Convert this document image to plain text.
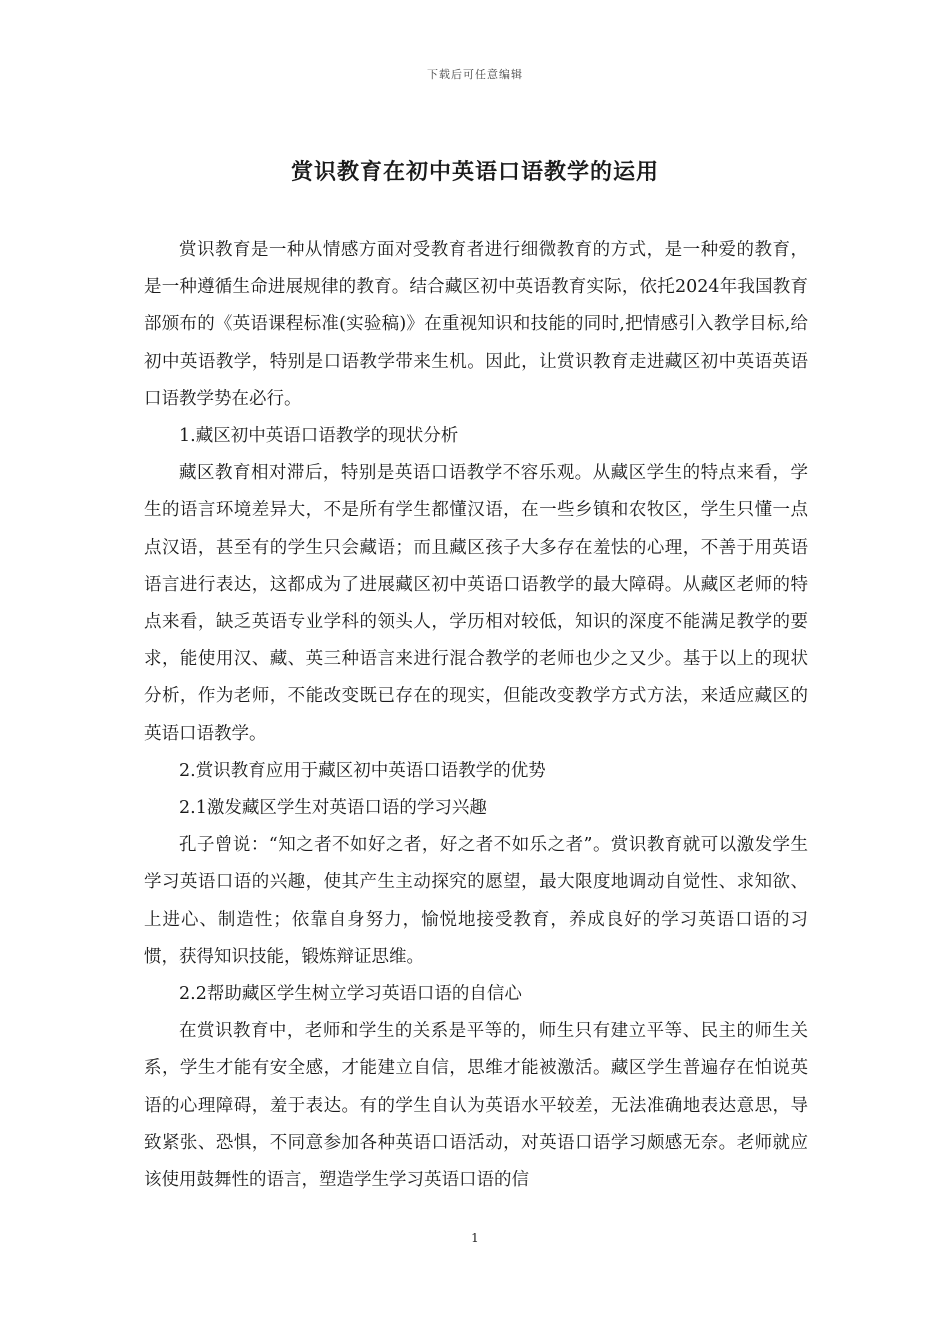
下载后可任意编辑
赏识教育在初中英语口语教学的运用

赏识教育是一种从情感方面对受教育者进行细微教育的方式，是一种爱的教育，是一种遵循生命进展规律的教育。结合藏区初中英语教育实际，依托2024年我国教育部颁布的《英语课程标准(实验稿)》在重视知识和技能的同时,把情感引入教学目标,给初中英语教学，特别是口语教学带来生机。因此，让赏识教育走进藏区初中英语英语口语教学势在必行。

1.藏区初中英语口语教学的现状分析

藏区教育相对滞后，特别是英语口语教学不容乐观。从藏区学生的特点来看，学生的语言环境差异大，不是所有学生都懂汉语，在一些乡镇和农牧区，学生只懂一点点汉语，甚至有的学生只会藏语；而且藏区孩子大多存在羞怯的心理，不善于用英语语言进行表达，这都成为了进展藏区初中英语口语教学的最大障碍。从藏区老师的特点来看，缺乏英语专业学科的领头人，学历相对较低，知识的深度不能满足教学的要求，能使用汉、藏、英三种语言来进行混合教学的老师也少之又少。基于以上的现状分析，作为老师，不能改变既已存在的现实，但能改变教学方式方法，来适应藏区的英语口语教学。

2.赏识教育应用于藏区初中英语口语教学的优势

2.1激发藏区学生对英语口语的学习兴趣

孔子曾说：“知之者不如好之者，好之者不如乐之者”。赏识教育就可以激发学生学习英语口语的兴趣，使其产生主动探究的愿望，最大限度地调动自觉性、求知欲、上进心、制造性；依靠自身努力，愉悦地接受教育，养成良好的学习英语口语的习惯，获得知识技能，锻炼辩证思维。

2.2帮助藏区学生树立学习英语口语的自信心

在赏识教育中，老师和学生的关系是平等的，师生只有建立平等、民主的师生关系，学生才能有安全感，才能建立自信，思维才能被激活。藏区学生普遍存在怕说英语的心理障碍，羞于表达。有的学生自认为英语水平较差，无法准确地表达意思，导致紧张、恐惧，不同意参加各种英语口语活动，对英语口语学习颇感无奈。老师就应该使用鼓舞性的语言，塑造学生学习英语口语的信

1
